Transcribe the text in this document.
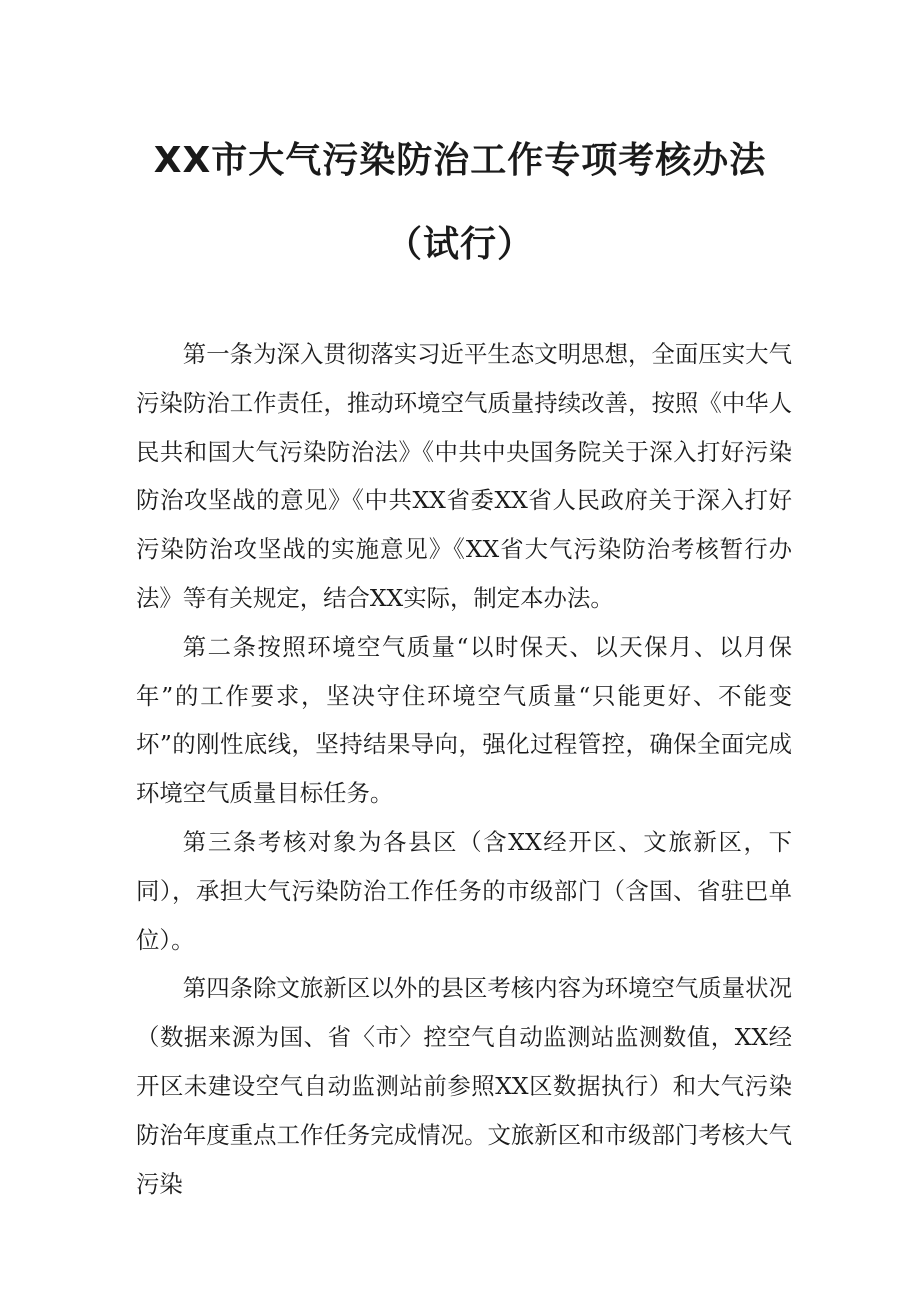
XX市大气污染防治工作专项考核办法
（试行）

第一条为深入贯彻落实习近平生态文明思想，全面压实大气污染防治工作责任，推动环境空气质量持续改善，按照《中华人民共和国大气污染防治法》《中共中央国务院关于深入打好污染防治攻坚战的意见》《中共XX省委XX省人民政府关于深入打好污染防治攻坚战的实施意见》《XX省大气污染防治考核暂行办法》等有关规定，结合XX实际，制定本办法。

第二条按照环境空气质量“以时保天、以天保月、以月保年”的工作要求，坚决守住环境空气质量“只能更好、不能变坏”的刚性底线，坚持结果导向，强化过程管控，确保全面完成环境空气质量目标任务。

第三条考核对象为各县区（含XX经开区、文旅新区，下同），承担大气污染防治工作任务的市级部门（含国、省驻巴单位）。

第四条除文旅新区以外的县区考核内容为环境空气质量状况（数据来源为国、省〈市〉控空气自动监测站监测数值，XX经开区未建设空气自动监测站前参照XX区数据执行）和大气污染防治年度重点工作任务完成情况。文旅新区和市级部门考核大气污染
